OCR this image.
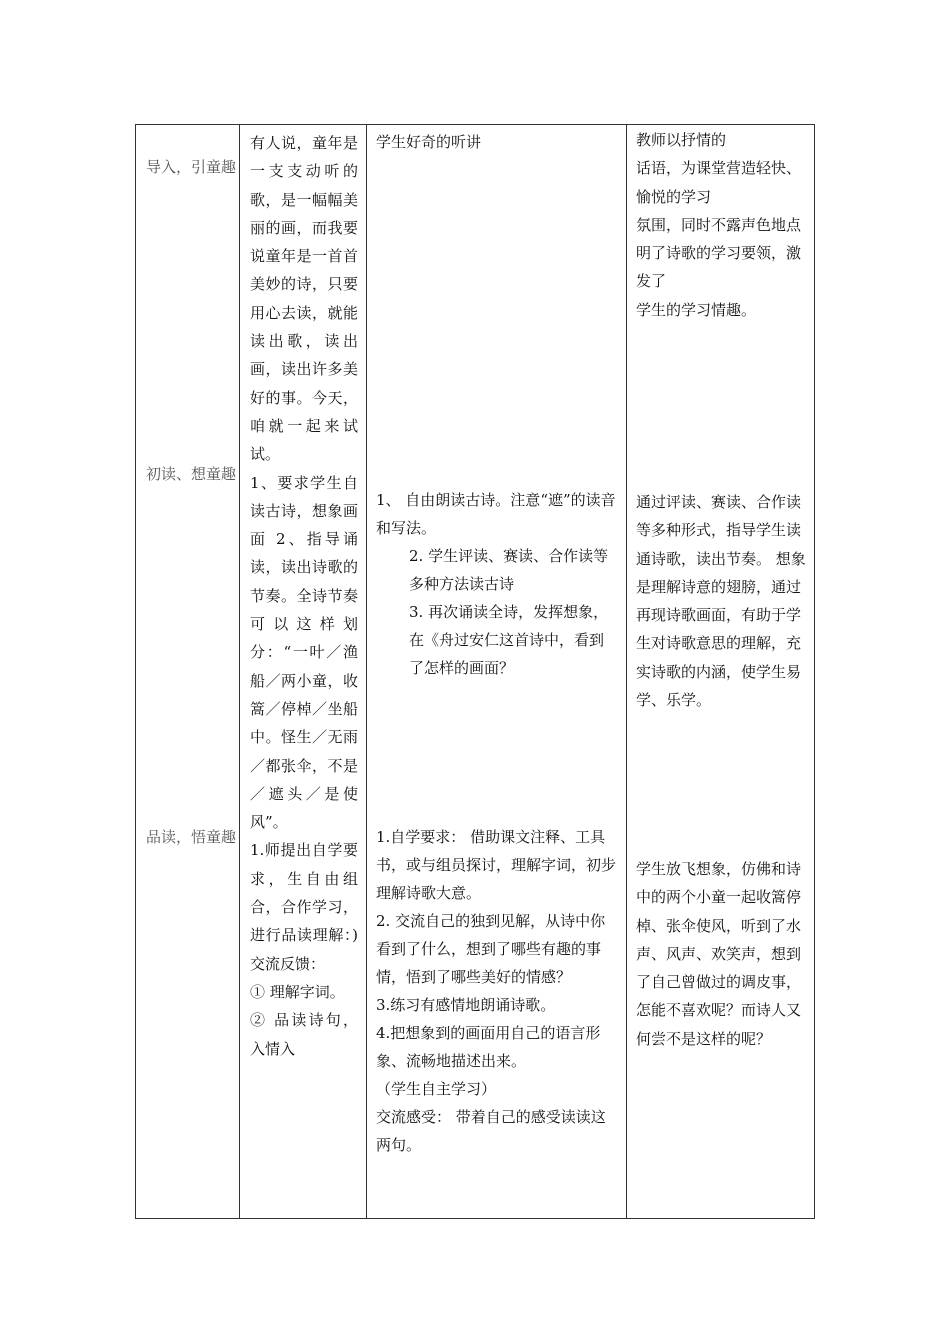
导入，引童趣
初读、想童趣
品读，悟童趣

有人说，童年是一支支动听的歌，是一幅幅美丽的画，而我要说童年是一首首美妙的诗，只要用心去读，就能读出歌，读出画，读出许多美好的事。今天，咱就一起来试试。

1、要求学生自读古诗，想象画面 2、指导诵读，读出诗歌的节奏。全诗节奏可以这样划分：“一叶／渔船／两小童，收篙／停棹／坐船中。怪生／无雨／都张伞，不是／遮头／是使风”。

1.师提出自学要求，生自由组合，合作学习，进行品读理解：)交流反馈：

① 理解字词。

② 品读诗句，入情入

学生好奇的听讲

1、 自由朗读古诗。注意“遮”的读音和写法。

2. 学生评读、赛读、合作读等多种方法读古诗

3. 再次诵读全诗，发挥想象，在《舟过安仁这首诗中，看到了怎样的画面？

1.自学要求： 借助课文注释、工具书，或与组员探讨，理解字词，初步理解诗歌大意。

2. 交流自己的独到见解，从诗中你看到了什么，想到了哪些有趣的事情，悟到了哪些美好的情感？

3.练习有感情地朗诵诗歌。

4.把想象到的画面用自己的语言形象、流畅地描述出来。

（学生自主学习）

交流感受： 带着自己的感受读读这两句。

教师以抒情的

话语，为课堂营造轻快、愉悦的学习

氛围，同时不露声色地点明了诗歌的学习要领，激发了

学生的学习情趣。

通过评读、赛读、合作读等多种形式，指导学生读通诗歌，读出节奏。 想象是理解诗意的翅膀，通过再现诗歌画面，有助于学生对诗歌意思的理解，充实诗歌的内涵，使学生易学、乐学。
学生放飞想象，仿佛和诗中的两个小童一起收篙停棹、张伞使风，听到了水声、风声、欢笑声，想到了自己曾做过的调皮事，怎能不喜欢呢？而诗人又何尝不是这样的呢？
